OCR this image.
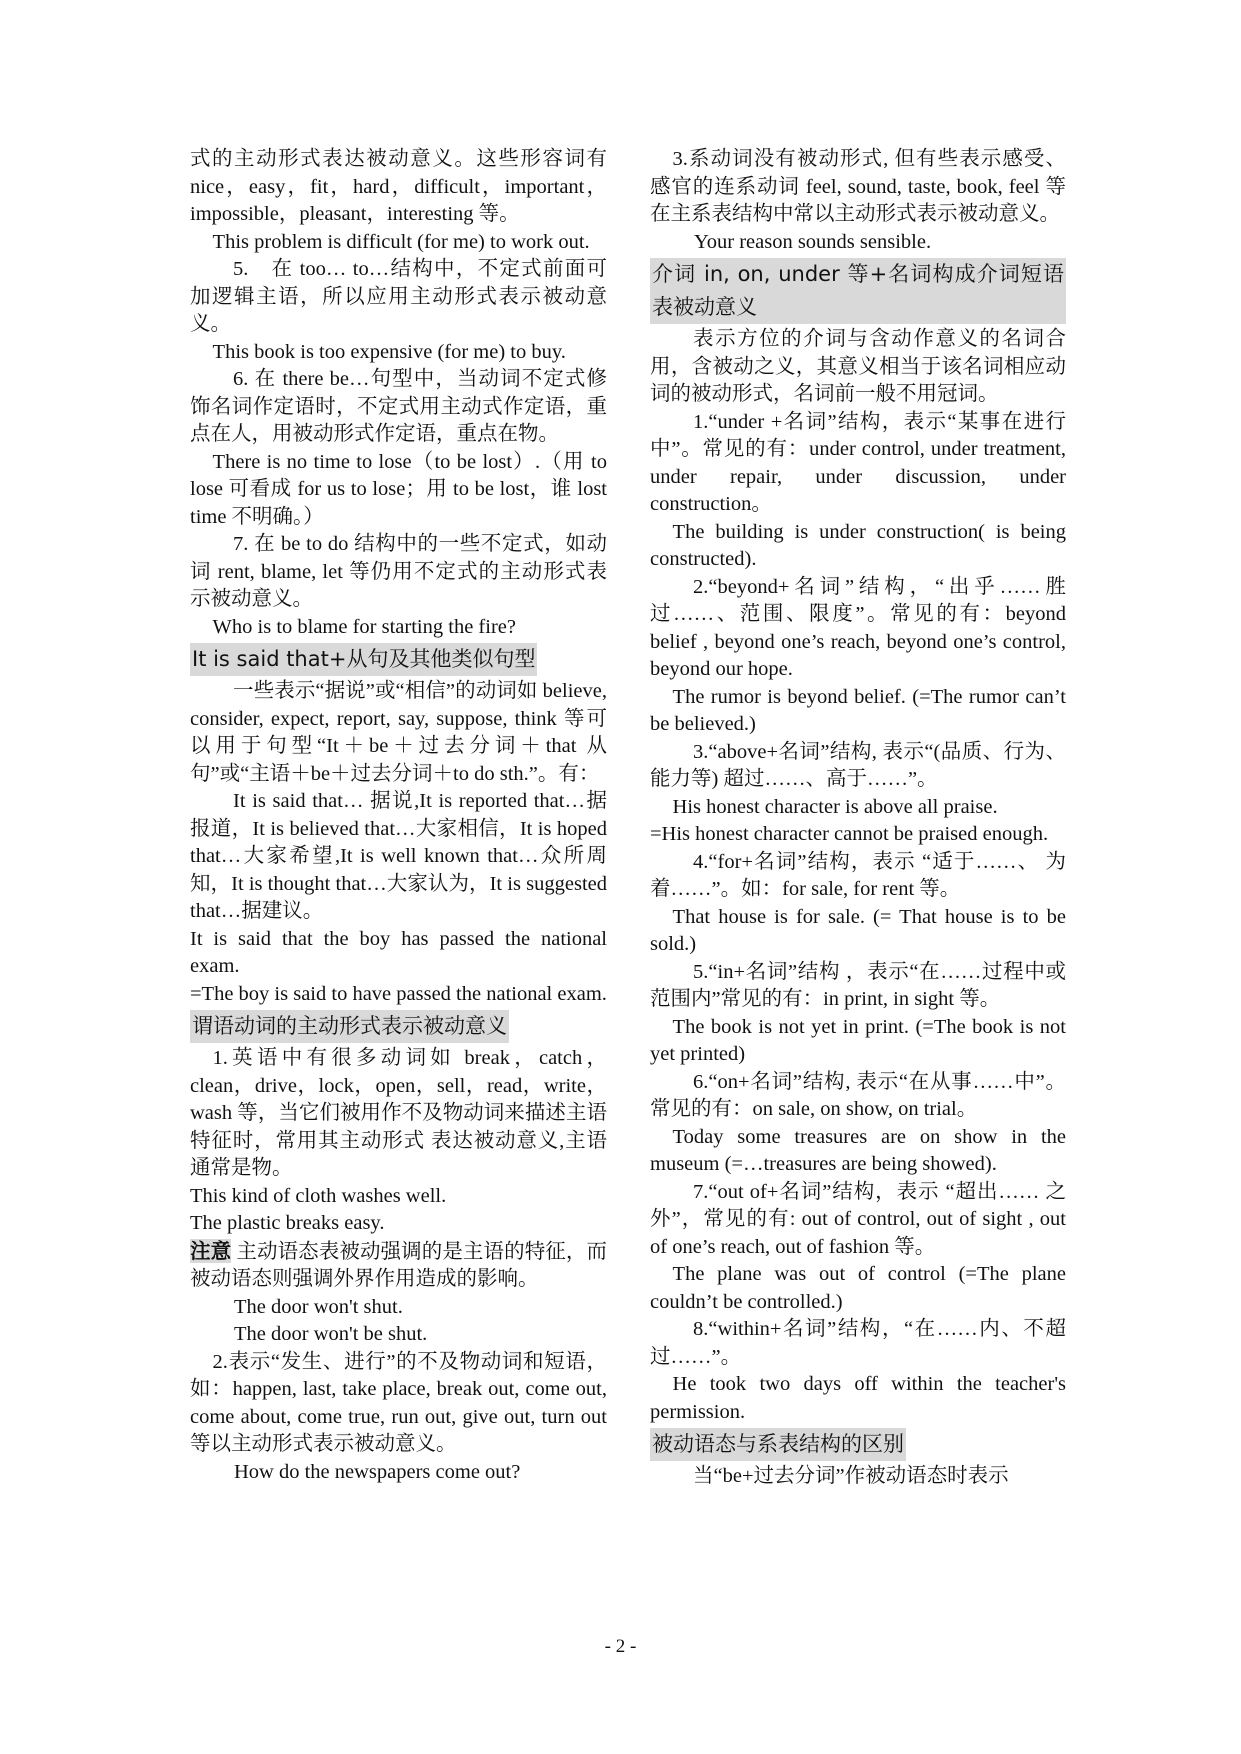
式的主动形式表达被动意义。这些形容词有nice，easy，fit，hard，difficult，important，impossible，pleasant，interesting 等。

This problem is difficult (for me) to work out.

5.　在 too… to…结构中，不定式前面可加逻辑主语，所以应用主动形式表示被动意义。

This book is too expensive (for me) to buy.

6. 在 there be…句型中，当动词不定式修饰名词作定语时，不定式用主动式作定语，重点在人，用被动形式作定语，重点在物。

There is no time to lose（to be lost）.（用 to lose 可看成 for us to lose；用 to be lost，谁 lost time 不明确。）

7. 在 be to do 结构中的一些不定式，如动词 rent, blame, let 等仍用不定式的主动形式表示被动意义。

Who is to blame for starting the fire?

It is said that+从句及其他类似句型

一些表示“据说”或“相信”的动词如 believe, consider, expect, report, say, suppose, think 等可以用于句型“It＋be＋过去分词＋that 从句”或“主语＋be＋过去分词＋to do sth.”。有：

It is said that… 据说,It is reported that…据报道，It is believed that…大家相信，It is hoped that…大家希望,It is well known that…众所周知，It is thought that…大家认为，It is suggested that…据建议。

It is said that the boy has passed the national exam.

=The boy is said to have passed the national exam.

谓语动词的主动形式表示被动意义

1.英语中有很多动词如 break，catch，clean，drive，lock，open，sell，read，write，wash 等，当它们被用作不及物动词来描述主语特征时，常用其主动形式 表达被动意义,主语通常是物。

This kind of cloth washes well.

The plastic breaks easy.

注意 主动语态表被动强调的是主语的特征，而被动语态则强调外界作用造成的影响。

The door won't shut.

The door won't be shut.

2.表示“发生、进行”的不及物动词和短语，如：happen, last, take place, break out, come out, come about, come true, run out, give out, turn out 等以主动形式表示被动意义。

How do the newspapers come out?

3.系动词没有被动形式, 但有些表示感受、感官的连系动词 feel, sound, taste, book, feel 等在主系表结构中常以主动形式表示被动意义。

Your reason sounds sensible.

介词 in, on, under 等+名词构成介词短语表被动意义

表示方位的介词与含动作意义的名词合用，含被动之义，其意义相当于该名词相应动词的被动形式，名词前一般不用冠词。

1.“under +名词”结构，表示“某事在进行中”。常见的有：under control, under treatment, under repair, under discussion, under construction。

The building is under construction( is being constructed).

2.“beyond+名词”结构，“出乎……胜过……、范围、限度”。常见的有：beyond belief , beyond one’s reach, beyond one’s control, beyond our hope.

The rumor is beyond belief. (=The rumor can’t be believed.)

3.“above+名词”结构, 表示“(品质、行为、能力等) 超过……、高于……”。

His honest character is above all praise.

=His honest character cannot be praised enough.

4.“for+名词”结构，表示 “适于……、 为着……”。如：for sale, for rent 等。

That house is for sale. (= That house is to be sold.)

5.“in+名词”结构 ，表示“在……过程中或范围内”常见的有：in print, in sight 等。

The book is not yet in print. (=The book is not yet printed)

6.“on+名词”结构, 表示“在从事……中”。常见的有：on sale, on show, on trial。

Today some treasures are on show in the museum (=…treasures are being showed).

7.“out of+名词”结构，表示 “超出…… 之外”，常见的有: out of control, out of sight , out of one’s reach, out of fashion 等。

The plane was out of control (=The plane couldn’t be controlled.)

8.“within+名词”结构，“在……内、不超过……”。

He took two days off within the teacher's permission.

被动语态与系表结构的区别

当“be+过去分词”作被动语态时表示

- 2 -
